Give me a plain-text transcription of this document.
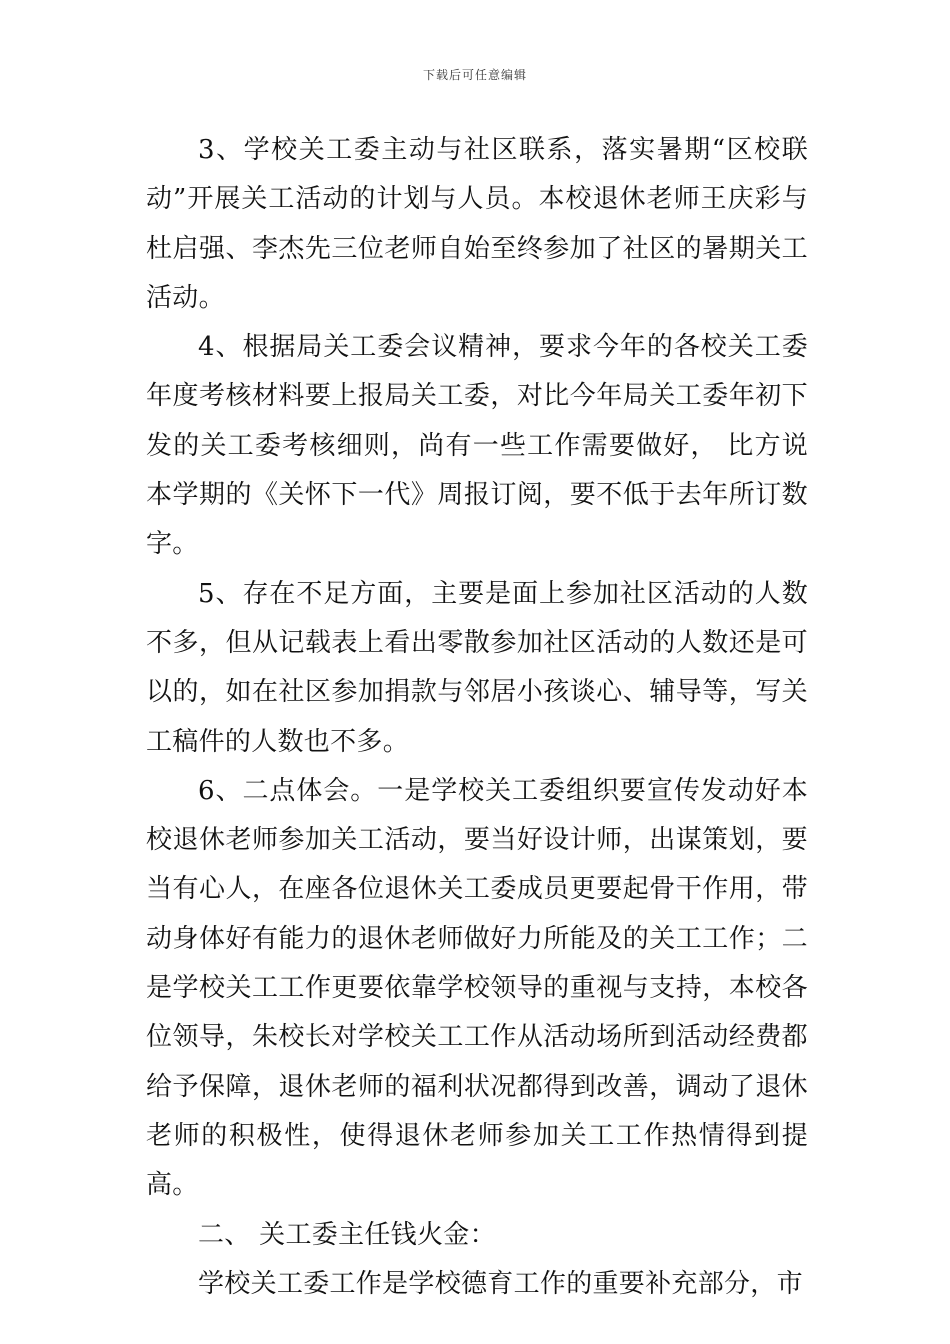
下载后可任意编辑

3、学校关工委主动与社区联系，落实暑期“区校联动”开展关工活动的计划与人员。本校退休老师王庆彩与杜启强、李杰先三位老师自始至终参加了社区的暑期关工活动。

4、根据局关工委会议精神，要求今年的各校关工委年度考核材料要上报局关工委，对比今年局关工委年初下发的关工委考核细则，尚有一些工作需要做好， 比方说本学期的《关怀下一代》周报订阅，要不低于去年所订数字。

5、存在不足方面，主要是面上参加社区活动的人数不多，但从记载表上看出零散参加社区活动的人数还是可以的，如在社区参加捐款与邻居小孩谈心、辅导等，写关工稿件的人数也不多。

6、二点体会。一是学校关工委组织要宣传发动好本校退休老师参加关工活动，要当好设计师，出谋策划，要当有心人，在座各位退休关工委成员更要起骨干作用，带动身体好有能力的退休老师做好力所能及的关工工作；二是学校关工工作更要依靠学校领导的重视与支持，本校各位领导，朱校长对学校关工工作从活动场所到活动经费都给予保障，退休老师的福利状况都得到改善，调动了退休老师的积极性，使得退休老师参加关工工作热情得到提高。

二、 关工委主任钱火金：

学校关工委工作是学校德育工作的重要补充部分，市
